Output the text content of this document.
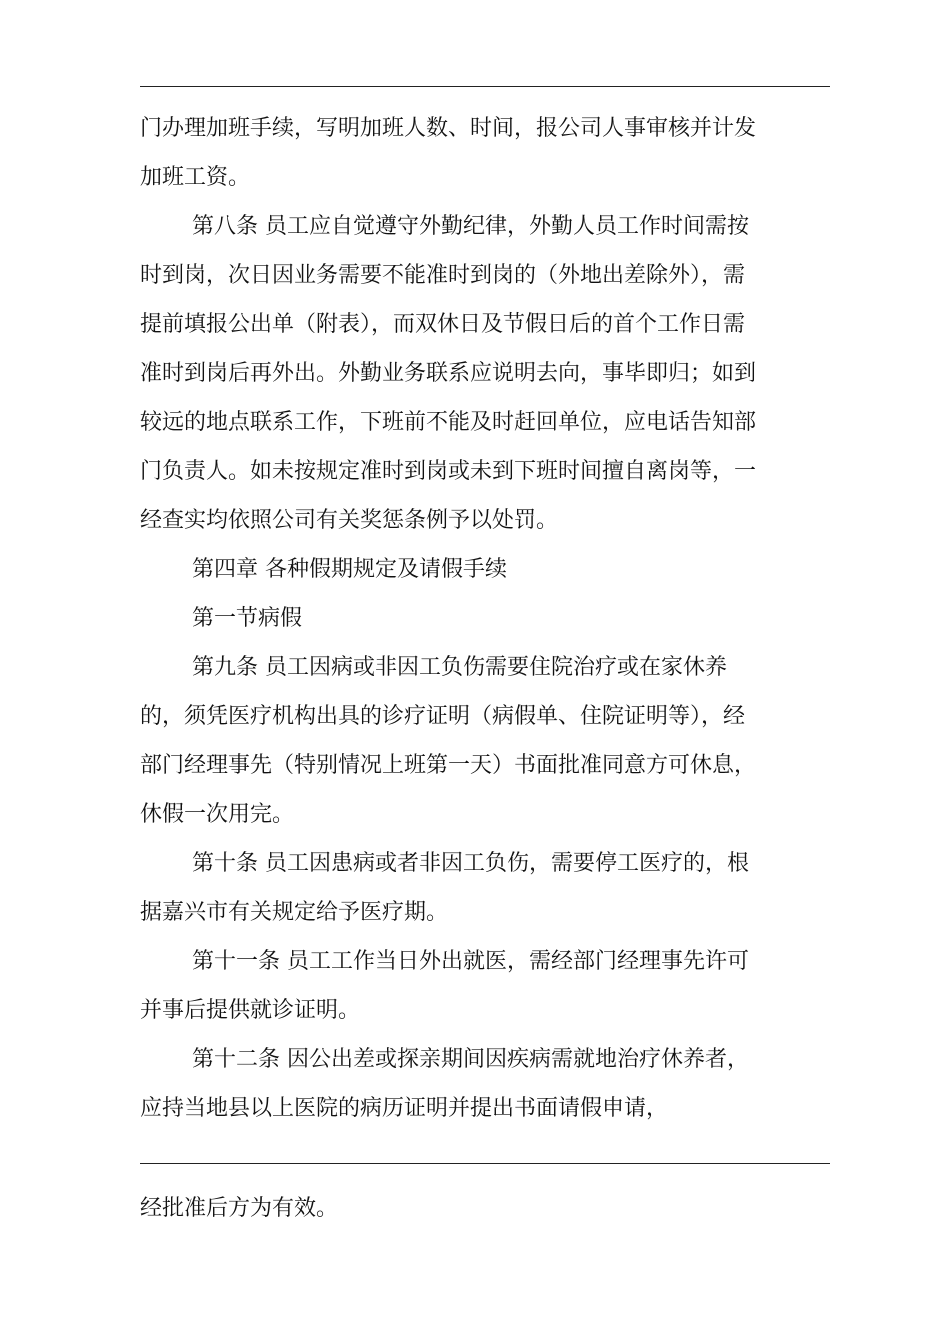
门办理加班手续，写明加班人数、时间，报公司人事审核并计发
加班工资。
第八条 员工应自觉遵守外勤纪律，外勤人员工作时间需按
时到岗，次日因业务需要不能准时到岗的（外地出差除外），需
提前填报公出单（附表），而双休日及节假日后的首个工作日需
准时到岗后再外出。外勤业务联系应说明去向，事毕即归；如到
较远的地点联系工作，下班前不能及时赶回单位，应电话告知部
门负责人。如未按规定准时到岗或未到下班时间擅自离岗等，一
经查实均依照公司有关奖惩条例予以处罚。
第四章 各种假期规定及请假手续
第一节病假
第九条 员工因病或非因工负伤需要住院治疗或在家休养
的，须凭医疗机构出具的诊疗证明（病假单、住院证明等），经
部门经理事先（特别情况上班第一天）书面批准同意方可休息，
休假一次用完。
第十条 员工因患病或者非因工负伤，需要停工医疗的，根
据嘉兴市有关规定给予医疗期。
第十一条 员工工作当日外出就医，需经部门经理事先许可
并事后提供就诊证明。
第十二条 因公出差或探亲期间因疾病需就地治疗休养者，
应持当地县以上医院的病历证明并提出书面请假申请，
经批准后方为有效。
